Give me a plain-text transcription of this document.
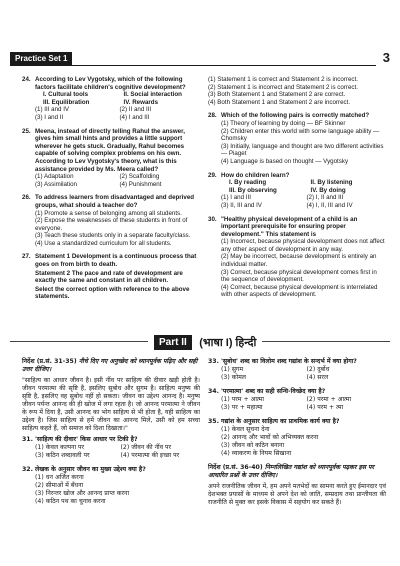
Practice Set 1	3
24. According to Lev Vygotsky, which of the following factors facilitate children's cognitive development?
I. Cultural tools	II. Social interaction
III. Equilibration	IV. Rewards
(1) III and IV	(2) II and III
(3) I and II	(4) I and III
25. Meena, instead of directly telling Rahul the answer, gives him small hints and provides a little support wherever he gets stuck. Gradually, Rahul becomes capable of solving complex problems on his own. According to Lev Vygotsky's theory, what is this assistance provided by Ms. Meera called?
(1) Adaptation	(2) Scaffolding
(3) Assimilation	(4) Punishment
26. To address learners from disadvantaged and deprived groups, what should a teacher do?
(1) Promote a sense of belonging among all students.
(2) Expose the weaknesses of these students in front of everyone.
(3) Teach these students only in a separate faculty/class.
(4) Use a standardized curriculum for all students.
27. Statement 1 Development is a continuous process that goes on from birth to death.
Statement 2 The pace and rate of development are exactly the same and constant in all children.
Select the correct option with reference to the above statements.
(1) Statement 1 is correct and Statement 2 is incorrect.
(2) Statement 1 is incorrect and Statement 2 is correct.
(3) Both Statement 1 and Statement 2 are correct.
(4) Both Statement 1 and Statement 2 are incorrect.
28. Which of the following pairs is correctly matched?
(1) Theory of learning by doing — BF Skinner
(2) Children enter this world with some language ability — Chomsky
(3) Initially, language and thought are two different activities — Piaget
(4) Language is based on thought — Vygotsky
29. How do children learn?
I. By reading	II. By listening
III. By observing	IV. By doing
(1) I and III	(2) I, II and III
(3) II, III and IV	(4) I, II, III and IV
30. "Healthy physical development of a child is an important prerequisite for ensuring proper development." This statement is
(1) Incorrect, because physical development does not affect any other aspect of development in any way.
(2) May be incorrect, because development is entirely an individual matter.
(3) Correct, because physical development comes first in the sequence of development.
(4) Correct, because physical development is interrelated with other aspects of development.
Part II (भाषा I) हिन्दी
निर्देश (प्र.सं. 31-35) नीचे दिए गए अनुच्छेद को ध्यानपूर्वक पढ़िए और सही उत्तर दीजिए।
"साहित्य का आधार जीवन है। इसी नींव पर साहित्य की दीवार खड़ी होती है। जीवन परमात्मा की सृष्टि है, इसलिए सुबोध और सुगम है। साहित्य मनुष्य की सृष्टि है, इसलिए वह सुबोध नहीं हो सकता। जीवन का उद्देश्य आनन्द है। मनुष्य जीवन पर्यन्त आनन्द की ही खोज में लगा रहता है। जो आनन्द परमात्मा ने जीवन के रूप में दिया है, उसी आनन्द का भोग साहित्य से भी होता है, यही साहित्य का उद्देश्य है। जिस साहित्य से हमें जीवन का आनन्द मिले, उसी को हम सच्चा साहित्य कहते हैं, जो समाज को दिशा दिखाता।"
31. 'साहित्य की दीवार' किस आधार पर टिकी है?
(1) केवल कल्पना पर	(2) जीवन की नींव पर
(3) कठिन शब्दावली पर	(4) परमात्मा की इच्छा पर
32. लेखक के अनुसार जीवन का मुख्य उद्देश्य क्या है?
(1) धन अर्जित करना
(2) सीमाओं में बँधना
(3) निरन्तर खोज और आनन्द प्राप्त करना
(4) कठिन पथ का चुनाव करना
33. 'सुबोध' शब्द का विलोम शब्द गद्यांश के सन्दर्भ में क्या होगा?
(1) सुगम	(2) दुर्बोध
(3) कोमल	(4) सरल
34. 'परमात्मा' शब्द का सही सन्धि-विच्छेद क्या है?
(1) परम + आत्मा	(2) परमा + आत्मा
(3) पर + महात्मा	(4) परम + त्मा
35. गद्यांश के अनुसार साहित्य का प्राथमिक कार्य क्या है?
(1) केवल सूचना देना
(2) आनन्द और भावों को अभिव्यक्त करना
(3) जीवन को कठिन बनाना
(4) व्याकरण के नियम सिखाना
निर्देश (प्र.सं. 36-40) निम्नलिखित गद्यांश को ध्यानपूर्वक पढ़कर इस पर आधारित प्रश्नों के उत्तर दीजिए।
अपने राजनीतिक जीवन में, हम अपने मतभेदों का सामना करते हुए ईमानदार एवं देशभक्त प्रयासों के माध्यम से अपने देश को जाति, सम्प्रदाय तथा प्रान्तीयता की राजनीति से मुक्त कर इसके विकास में सहयोग कर सकते हैं।
